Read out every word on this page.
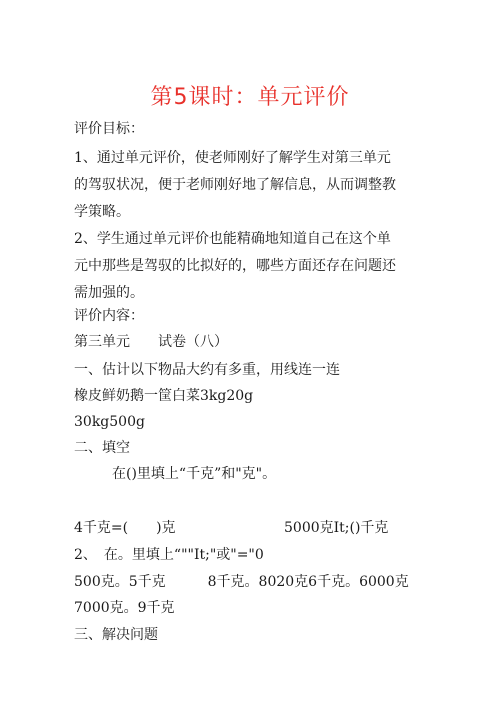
第5课时：单元评价
评价目标：
1、通过单元评价，使老师刚好了解学生对第三单元
的驾驭状况，便于老师刚好地了解信息，从而调整教
学策略。
2、学生通过单元评价也能精确地知道自己在这个单
元中那些是驾驭的比拟好的，哪些方面还存在问题还
需加强的。
评价内容：
第三单元　　试卷（八）
一、估计以下物品大约有多重，用线连一连
橡皮鲜奶鹅一筐白菜3kg20g
30kg500g
二、填空
在()里填上“千克”和"克"。
4千克=(　　)克	5000克It;()千克
2、　在。里填上“""It;"或"="0
500克。5千克　　　8千克。8020克6千克。6000克
7000克。9千克
三、解决问题
